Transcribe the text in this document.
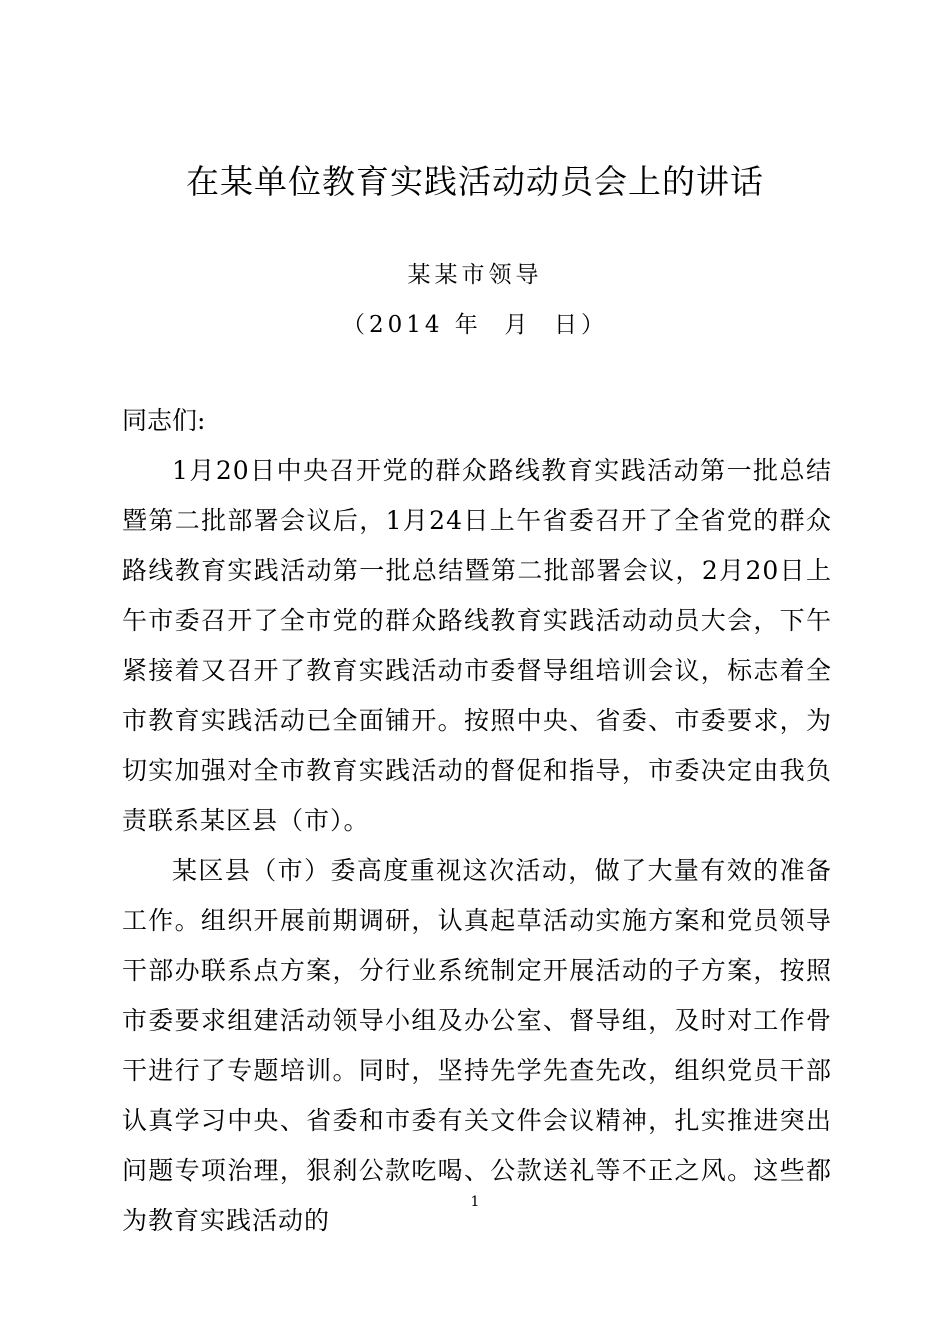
在某单位教育实践活动动员会上的讲话
某某市领导
（2014 年  月  日）

同志们:

1月20日中央召开党的群众路线教育实践活动第一批总结暨第二批部署会议后，1月24日上午省委召开了全省党的群众路线教育实践活动第一批总结暨第二批部署会议，2月20日上午市委召开了全市党的群众路线教育实践活动动员大会，下午紧接着又召开了教育实践活动市委督导组培训会议，标志着全市教育实践活动已全面铺开。按照中央、省委、市委要求，为切实加强对全市教育实践活动的督促和指导，市委决定由我负责联系某区县（市）。

某区县（市）委高度重视这次活动，做了大量有效的准备工作。组织开展前期调研，认真起草活动实施方案和党员领导干部办联系点方案，分行业系统制定开展活动的子方案，按照市委要求组建活动领导小组及办公室、督导组，及时对工作骨干进行了专题培训。同时，坚持先学先查先改，组织党员干部认真学习中央、省委和市委有关文件会议精神，扎实推进突出问题专项治理，狠刹公款吃喝、公款送礼等不正之风。这些都为教育实践活动的

1
